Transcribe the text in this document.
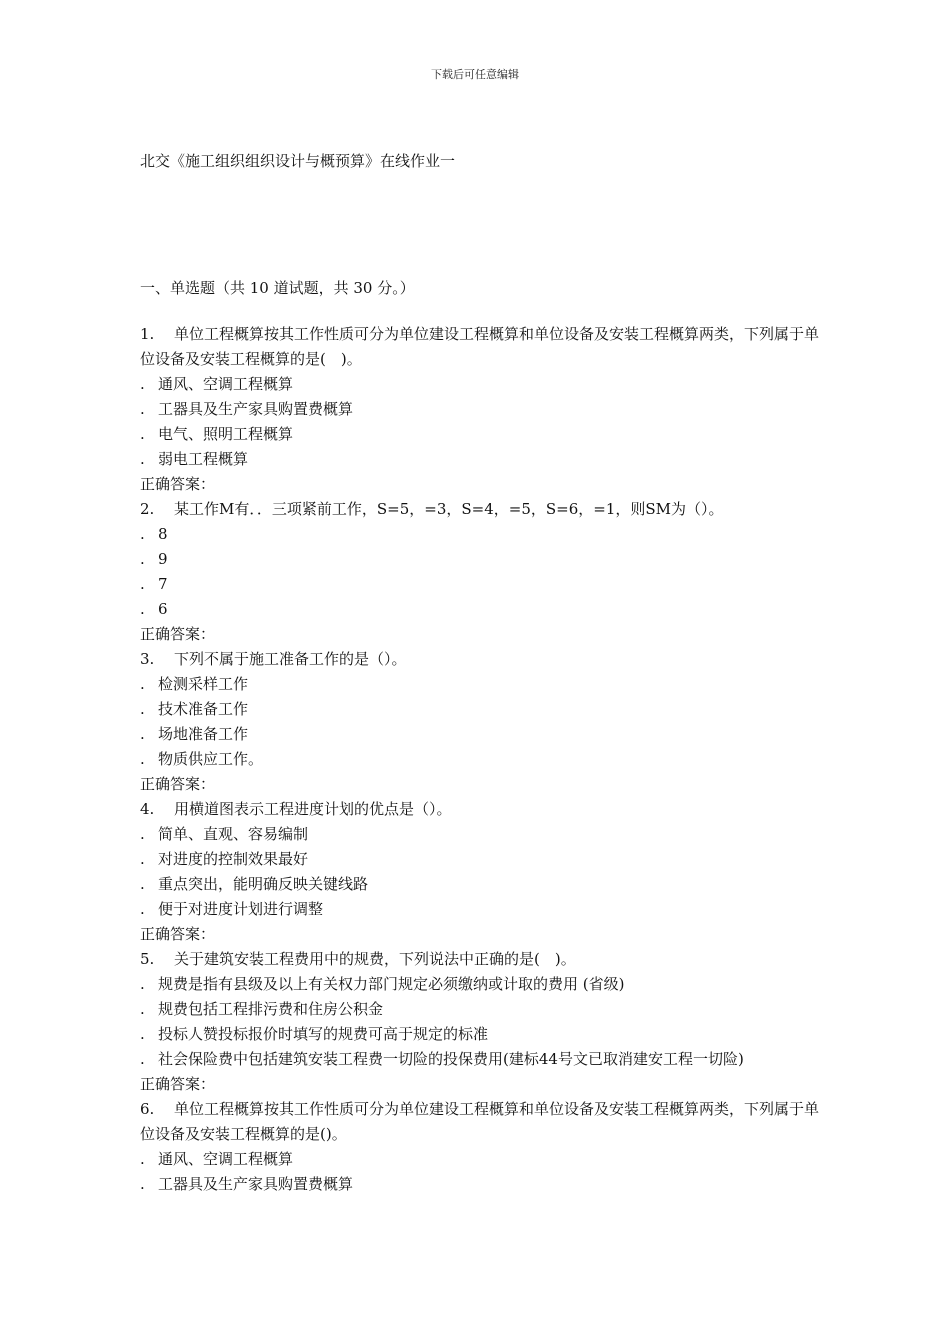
下载后可任意编辑
北交《施工组织组织设计与概预算》在线作业一
一、单选题（共 10 道试题，共 30 分。）
1. 单位工程概算按其工作性质可分为单位建设工程概算和单位设备及安装工程概算两类，下列属于单位设备及安装工程概算的是(　)。
. 通风、空调工程概算
. 工器具及生产家具购置费概算
. 电气、照明工程概算
. 弱电工程概算
正确答案：
2. 某工作M有．．三项紧前工作，S=5，=3，S=4，=5，S=6，=1，则SM为（）。
. 8
. 9
. 7
. 6
正确答案：
3. 下列不属于施工准备工作的是（）。
. 检测采样工作
. 技术准备工作
. 场地准备工作
. 物质供应工作。
正确答案：
4. 用横道图表示工程进度计划的优点是（）。
. 简单、直观、容易编制
. 对进度的控制效果最好
. 重点突出，能明确反映关键线路
. 便于对进度计划进行调整
正确答案：
5. 关于建筑安装工程费用中的规费，下列说法中正确的是(　)。
. 规费是指有县级及以上有关权力部门规定必须缴纳或计取的费用 (省级)
. 规费包括工程排污费和住房公积金
. 投标人赞投标报价时填写的规费可高于规定的标准
. 社会保险费中包括建筑安装工程费一切险的投保费用(建标44号文已取消建安工程一切险)
正确答案：
6. 单位工程概算按其工作性质可分为单位建设工程概算和单位设备及安装工程概算两类，下列属于单位设备及安装工程概算的是()。
. 通风、空调工程概算
. 工器具及生产家具购置费概算
